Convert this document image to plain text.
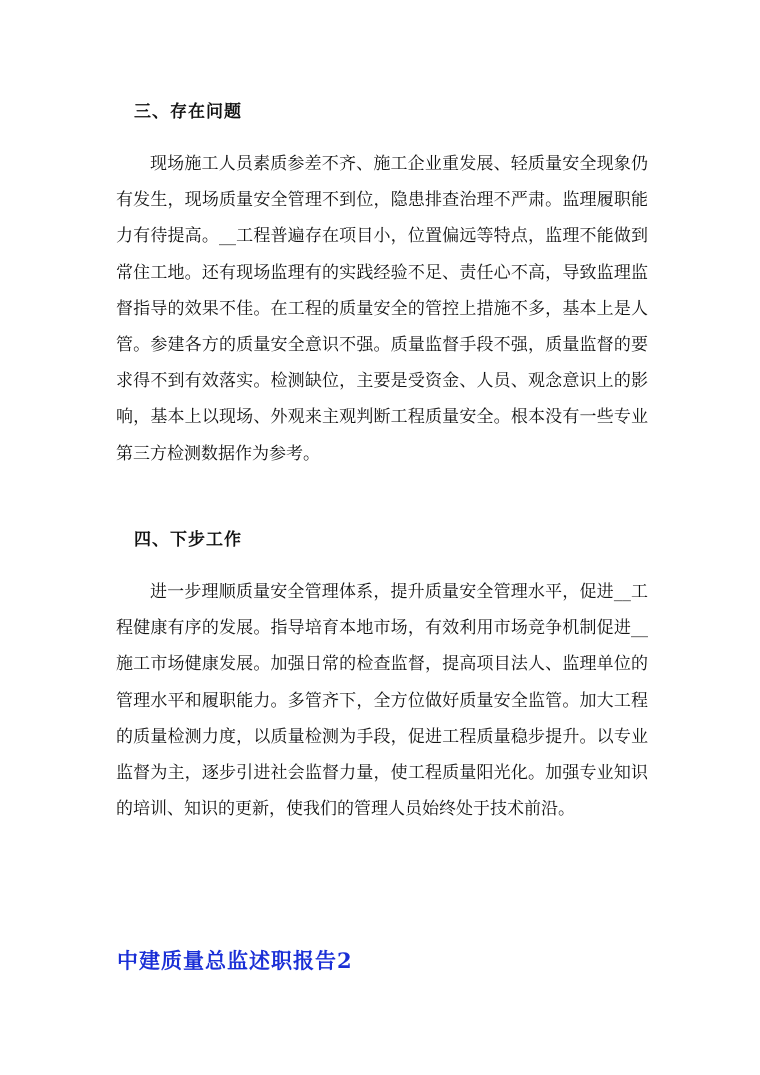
三、存在问题

现场施工人员素质参差不齐、施工企业重发展、轻质量安全现象仍有发生，现场质量安全管理不到位，隐患排查治理不严肃。监理履职能力有待提高。__工程普遍存在项目小，位置偏远等特点，监理不能做到常住工地。还有现场监理有的实践经验不足、责任心不高，导致监理监督指导的效果不佳。在工程的质量安全的管控上措施不多，基本上是人管。参建各方的质量安全意识不强。质量监督手段不强，质量监督的要求得不到有效落实。检测缺位，主要是受资金、人员、观念意识上的影响，基本上以现场、外观来主观判断工程质量安全。根本没有一些专业第三方检测数据作为参考。

四、下步工作

进一步理顺质量安全管理体系，提升质量安全管理水平，促进__工程健康有序的发展。指导培育本地市场，有效利用市场竞争机制促进__施工市场健康发展。加强日常的检查监督，提高项目法人、监理单位的管理水平和履职能力。多管齐下，全方位做好质量安全监管。加大工程的质量检测力度，以质量检测为手段，促进工程质量稳步提升。以专业监督为主，逐步引进社会监督力量，使工程质量阳光化。加强专业知识的培训、知识的更新，使我们的管理人员始终处于技术前沿。

中建质量总监述职报告2
